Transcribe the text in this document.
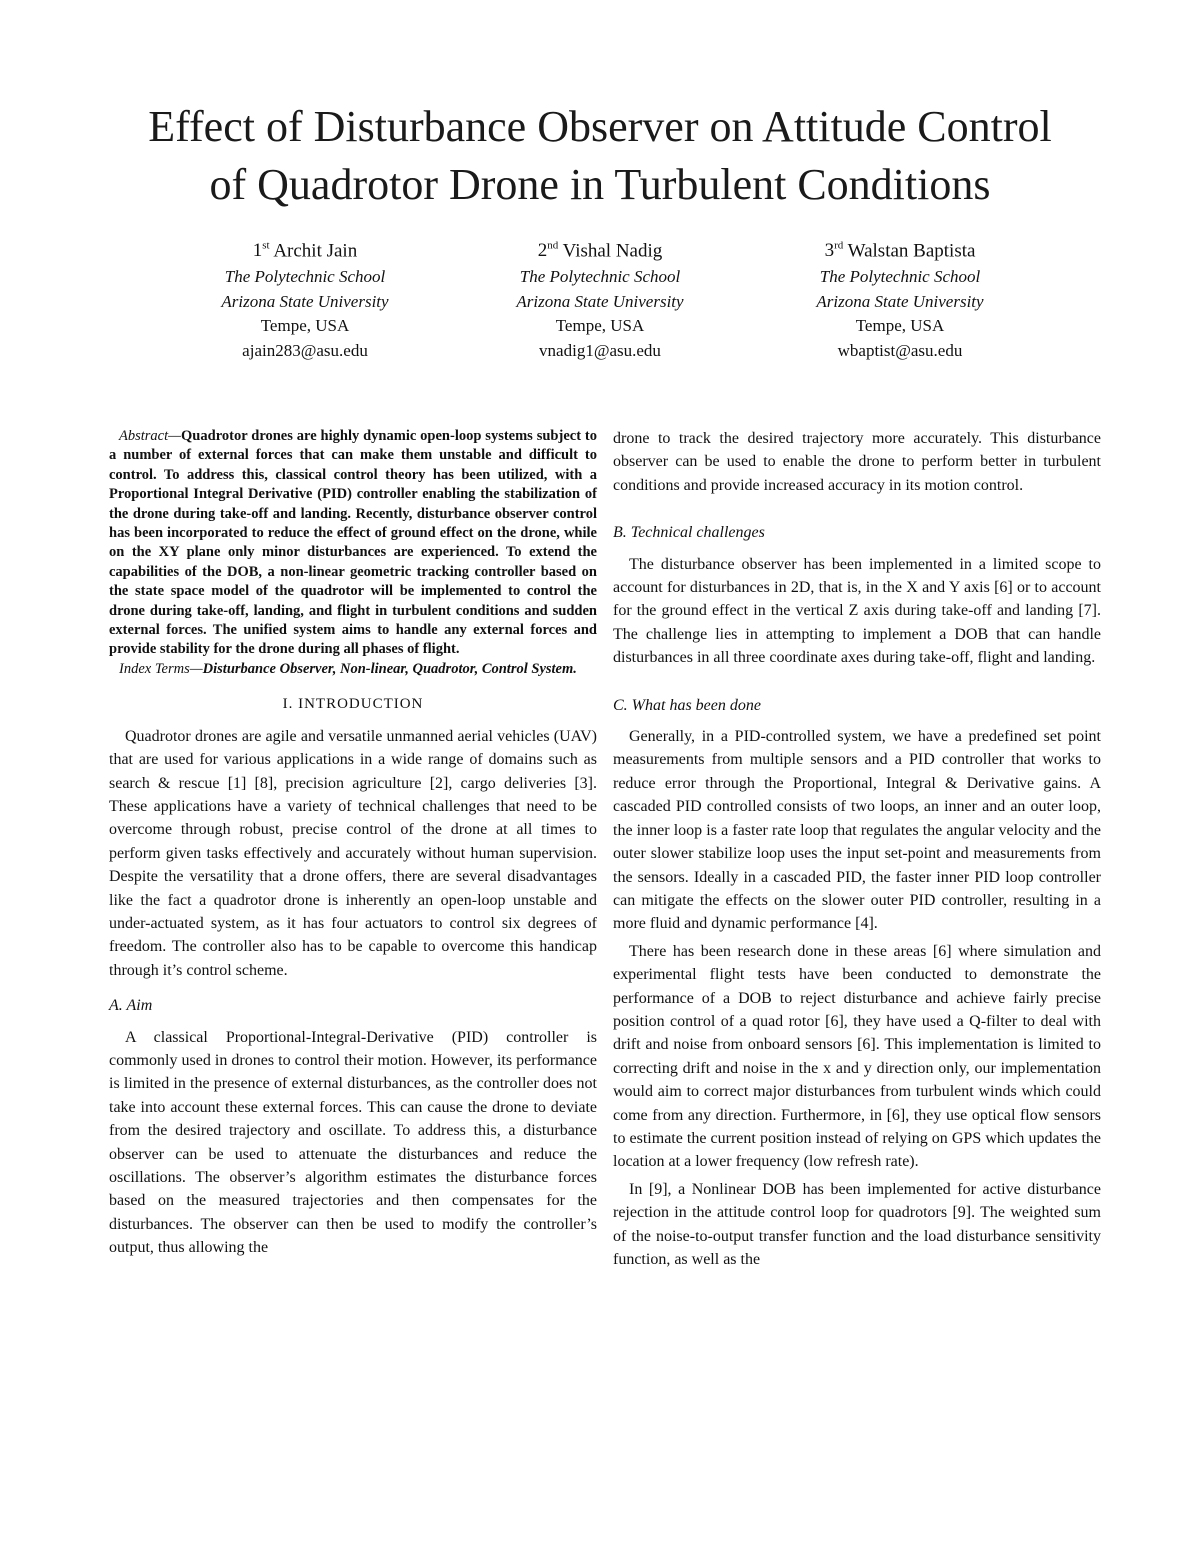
Effect of Disturbance Observer on Attitude Control
of Quadrotor Drone in Turbulent Conditions
1st Archit Jain
The Polytechnic School
Arizona State University
Tempe, USA
ajain283@asu.edu
2nd Vishal Nadig
The Polytechnic School
Arizona State University
Tempe, USA
vnadig1@asu.edu
3rd Walstan Baptista
The Polytechnic School
Arizona State University
Tempe, USA
wbaptist@asu.edu

Abstract—Quadrotor drones are highly dynamic open-loop systems subject to a number of external forces that can make them unstable and difficult to control. To address this, classical control theory has been utilized, with a Proportional Integral Derivative (PID) controller enabling the stabilization of the drone during take-off and landing. Recently, disturbance observer control has been incorporated to reduce the effect of ground effect on the drone, while on the XY plane only minor disturbances are experienced. To extend the capabilities of the DOB, a non-linear geometric tracking controller based on the state space model of the quadrotor will be implemented to control the drone during take-off, landing, and flight in turbulent conditions and sudden external forces. The unified system aims to handle any external forces and provide stability for the drone during all phases of flight.

Index Terms—Disturbance Observer, Non-linear, Quadrotor, Control System.

I. INTRODUCTION

Quadrotor drones are agile and versatile unmanned aerial vehicles (UAV) that are used for various applications in a wide range of domains such as search & rescue [1] [8], precision agriculture [2], cargo deliveries [3]. These applications have a variety of technical challenges that need to be overcome through robust, precise control of the drone at all times to perform given tasks effectively and accurately without human supervision. Despite the versatility that a drone offers, there are several disadvantages like the fact a quadrotor drone is inherently an open-loop unstable and under-actuated system, as it has four actuators to control six degrees of freedom. The controller also has to be capable to overcome this handicap through it’s control scheme.

A. Aim

A classical Proportional-Integral-Derivative (PID) controller is commonly used in drones to control their motion. However, its performance is limited in the presence of external disturbances, as the controller does not take into account these external forces. This can cause the drone to deviate from the desired trajectory and oscillate. To address this, a disturbance observer can be used to attenuate the disturbances and reduce the oscillations. The observer’s algorithm estimates the disturbance forces based on the measured trajectories and then compensates for the disturbances. The observer can then be used to modify the controller’s output, thus allowing the

drone to track the desired trajectory more accurately. This disturbance observer can be used to enable the drone to perform better in turbulent conditions and provide increased accuracy in its motion control.

B. Technical challenges

The disturbance observer has been implemented in a limited scope to account for disturbances in 2D, that is, in the X and Y axis [6] or to account for the ground effect in the vertical Z axis during take-off and landing [7]. The challenge lies in attempting to implement a DOB that can handle disturbances in all three coordinate axes during take-off, flight and landing.

C. What has been done

Generally, in a PID-controlled system, we have a predefined set point measurements from multiple sensors and a PID controller that works to reduce error through the Proportional, Integral & Derivative gains. A cascaded PID controlled consists of two loops, an inner and an outer loop, the inner loop is a faster rate loop that regulates the angular velocity and the outer slower stabilize loop uses the input set-point and measurements from the sensors. Ideally in a cascaded PID, the faster inner PID loop controller can mitigate the effects on the slower outer PID controller, resulting in a more fluid and dynamic performance [4].

There has been research done in these areas [6] where simulation and experimental flight tests have been conducted to demonstrate the performance of a DOB to reject disturbance and achieve fairly precise position control of a quad rotor [6], they have used a Q-filter to deal with drift and noise from onboard sensors [6]. This implementation is limited to correcting drift and noise in the x and y direction only, our implementation would aim to correct major disturbances from turbulent winds which could come from any direction. Furthermore, in [6], they use optical flow sensors to estimate the current position instead of relying on GPS which updates the location at a lower frequency (low refresh rate).

In [9], a Nonlinear DOB has been implemented for active disturbance rejection in the attitude control loop for quadrotors [9]. The weighted sum of the noise-to-output transfer function and the load disturbance sensitivity function, as well as the
